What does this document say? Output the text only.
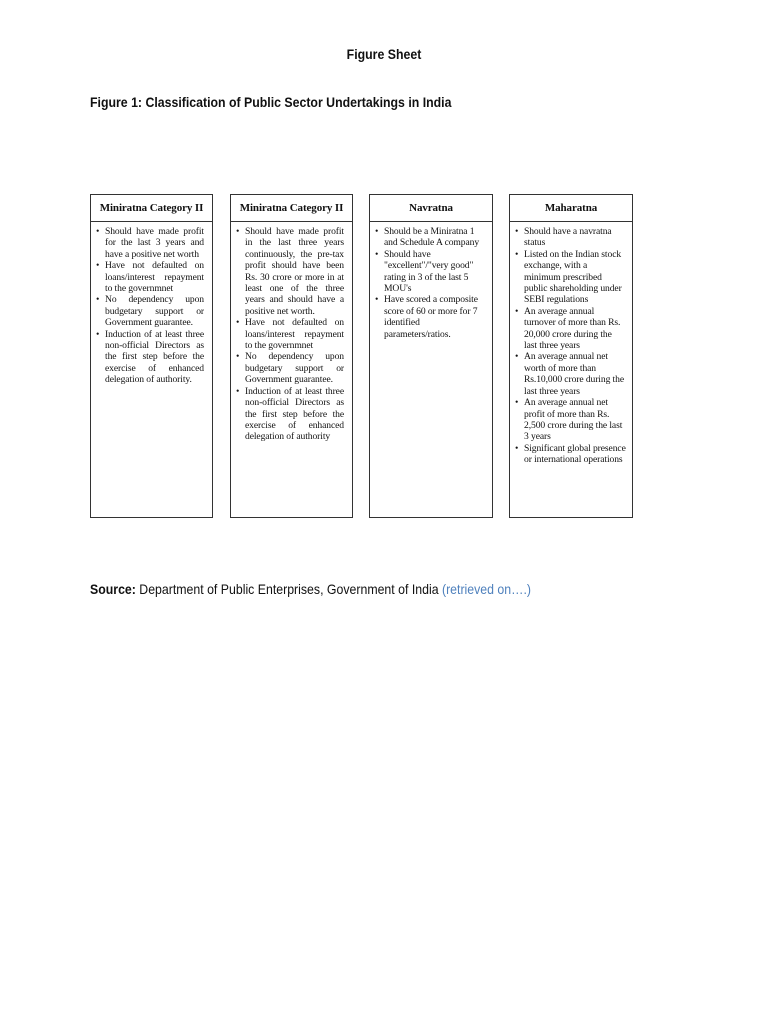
Figure Sheet
Figure 1: Classification of Public Sector Undertakings in India
Miniratna Category II
• Should have made profit for the last 3 years and have a positive net worth
• Have not defaulted on loans/interest repayment to the governmnet
• No dependency upon budgetary support or Government guarantee.
• Induction of at least three non-official Directors as the first step before the exercise of enhanced delegation of authority.
Miniratna Category II
• Should have made profit in the last three years continuously, the pre-tax profit should have been Rs. 30 crore or more in at least one of the three years and should have a positive net worth.
• Have not defaulted on loans/interest repayment to the governmnet
• No dependency upon budgetary support or Government guarantee.
• Induction of at least three non-official Directors as the first step before the exercise of enhanced delegation of authority
Navratna
• Should be a Miniratna 1 and Schedule A company
• Should have "excellent"/"very good" rating in 3 of the last 5 MOU's
• Have scored a composite score of 60 or more for 7 identified parameters/ratios.
Maharatna
• Should have a navratna status
• Listed on the Indian stock exchange, with a minimum prescribed public shareholding under SEBI regulations
• An average annual turnover of more than Rs. 20,000 crore during the last three years
• An average annual net worth of more than Rs.10,000 crore during the last three years
• An average annual net profit of more than Rs. 2,500 crore during the last 3 years
• Significant global presence or international operations
Source: Department of Public Enterprises, Government of India (retrieved on….)
